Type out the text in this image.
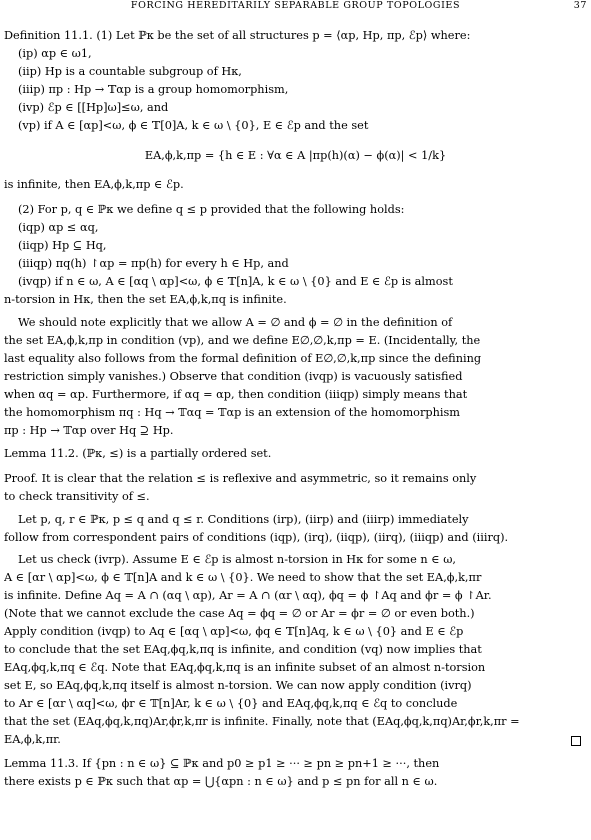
FORCING HEREDITARILY SEPARABLE GROUP TOPOLOGIES	37
Definition 11.1. (1) Let ℙκ be the set of all structures p = ⟨αp, Hp, πp, ℰp⟩ where:
(ip) αp ∈ ω1,
(iip) Hp is a countable subgroup of Hκ,
(iiip) πp : Hp → 𝕋αp is a group homomorphism,
(ivp) ℰp ∈ [[Hp]ω]≤ω, and
(vp) if A ∈ [αp]<ω, ϕ ∈ 𝕋[0]A, k ∈ ω \ {0}, E ∈ ℰp and the set
EA,ϕ,k,πp = {h ∈ E : ∀α ∈ A |πp(h)(α) − ϕ(α)| < 1/k}
is infinite, then EA,ϕ,k,πp ∈ ℰp.
(2) For p, q ∈ ℙκ we define q ≤ p provided that the following holds:
(iqp) αp ≤ αq,
(iiqp) Hp ⊆ Hq,
(iiiqp) πq(h) ↾αp = πp(h) for every h ∈ Hp, and
(ivqp) if n ∈ ω, A ∈ [αq \ αp]<ω, ϕ ∈ 𝕋[n]A, k ∈ ω \ {0} and E ∈ ℰp is almost
n-torsion in Hκ, then the set EA,ϕ,k,πq is infinite.
We should note explicitly that we allow A = ∅ and ϕ = ∅ in the definition of
the set EA,ϕ,k,πp in condition (vp), and we define E∅,∅,k,πp = E. (Incidentally, the
last equality also follows from the formal definition of E∅,∅,k,πp since the defining
restriction simply vanishes.) Observe that condition (ivqp) is vacuously satisfied
when αq = αp. Furthermore, if αq = αp, then condition (iiiqp) simply means that
the homomorphism πq : Hq → 𝕋αq = 𝕋αp is an extension of the homomorphism
πp : Hp → 𝕋αp over Hq ⊇ Hp.
Lemma 11.2. (ℙκ, ≤) is a partially ordered set.
Proof. It is clear that the relation ≤ is reflexive and asymmetric, so it remains only
to check transitivity of ≤.
Let p, q, r ∈ ℙκ, p ≤ q and q ≤ r. Conditions (irp), (iirp) and (iiirp) immediately
follow from correspondent pairs of conditions (iqp), (irq), (iiqp), (iirq), (iiiqp) and (iiirq).
Let us check (ivrp). Assume E ∈ ℰp is almost n-torsion in Hκ for some n ∈ ω,
A ∈ [αr \ αp]<ω, ϕ ∈ 𝕋[n]A and k ∈ ω \ {0}. We need to show that the set EA,ϕ,k,πr
is infinite. Define Aq = A ∩ (αq \ αp), Ar = A ∩ (αr \ αq), ϕq = ϕ ↾Aq and ϕr = ϕ ↾Ar.
(Note that we cannot exclude the case Aq = ϕq = ∅ or Ar = ϕr = ∅ or even both.)
Apply condition (ivqp) to Aq ∈ [αq \ αp]<ω, ϕq ∈ 𝕋[n]Aq, k ∈ ω \ {0} and E ∈ ℰp
to conclude that the set EAq,ϕq,k,πq is infinite, and condition (vq) now implies that
EAq,ϕq,k,πq ∈ ℰq. Note that EAq,ϕq,k,πq is an infinite subset of an almost n-torsion
set E, so EAq,ϕq,k,πq itself is almost n-torsion. We can now apply condition (ivrq)
to Ar ∈ [αr \ αq]<ω, ϕr ∈ 𝕋[n]Ar, k ∈ ω \ {0} and EAq,ϕq,k,πq ∈ ℰq to conclude
that the set (EAq,ϕq,k,πq)Ar,ϕr,k,πr is infinite. Finally, note that (EAq,ϕq,k,πq)Ar,ϕr,k,πr =
EA,ϕ,k,πr.
Lemma 11.3. If {pn : n ∈ ω} ⊆ ℙκ and p0 ≥ p1 ≥ ··· ≥ pn ≥ pn+1 ≥ ···, then
there exists p ∈ ℙκ such that αp = ⋃{αpn : n ∈ ω} and p ≤ pn for all n ∈ ω.
